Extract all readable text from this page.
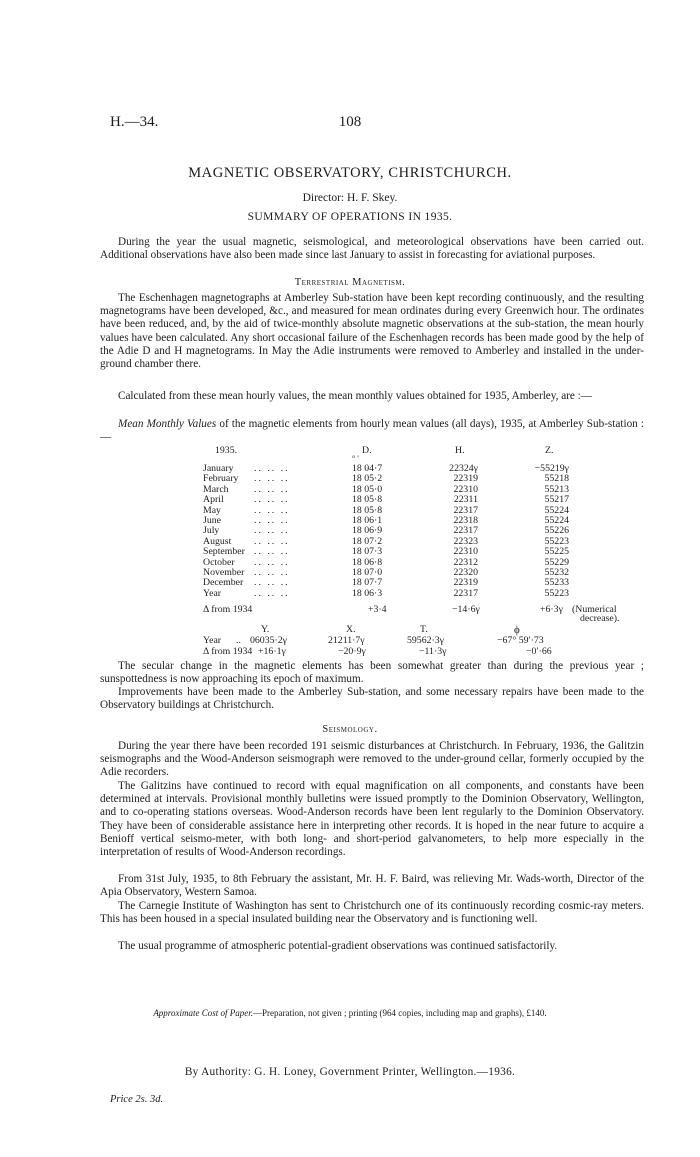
H.—34.	108
MAGNETIC OBSERVATORY, CHRISTCHURCH.
Director: H. F. Skey.
SUMMARY OF OPERATIONS IN 1935.

During the year the usual magnetic, seismological, and meteorological observations have been carried out. Additional observations have also been made since last January to assist in forecasting for aviational purposes.

Terrestrial Magnetism.

The Eschenhagen magnetographs at Amberley Sub-station have been kept recording continuously, and the resulting magnetograms have been developed, &c., and measured for mean ordinates during every Greenwich hour. The ordinates have been reduced, and, by the aid of twice-monthly absolute magnetic observations at the sub-station, the mean hourly values have been calculated. Any short occasional failure of the Eschenhagen records has been made good by the help of the Adie D and H magnetograms. In May the Adie instruments were removed to Amberley and installed in the under-ground chamber there.

Calculated from these mean hourly values, the mean monthly values obtained for 1935, Amberley, are :—

Mean Monthly Values of the magnetic elements from hourly mean values (all days), 1935, at Amberley Sub-station :—

1935.	D.	H.	Z.
° '
January .. .. ..	18 04·7	22324γ	−55219γ
February .. .. ..	18 05·2	22319	55218
March	.. .. ..	18 05·0	22310	55213
April	.. .. ..	18 05·8	22311	55217
May	.. .. ..	18 05·8	22317	55224
June	.. .. ..	18 06·1	22318	55224
July	.. .. ..	18 06·9	22317	55226
August .. .. ..	18 07·2	22323	55223
September .. .. ..	18 07·3	22310	55225
October .. .. ..	18 06·8	22312	55229
November .. .. ..	18 07·0	22320	55232
December .. .. ..	18 07·7	22319	55233
Year	.. .. ..	18 06·3	22317	55223
Δ from 1934	+3·4	−14·6γ	+6·3γ (Numerical
decrease).
Y.	X.	T.	ϕ
Year .. 06035·2γ	21211·7γ	59562·3γ	−67° 59′·73
Δ from 1934 +16·1γ	−20·9γ	−11·3γ	−0′·66

The secular change in the magnetic elements has been somewhat greater than during the previous year ; sunspottedness is now approaching its epoch of maximum.

Improvements have been made to the Amberley Sub-station, and some necessary repairs have been made to the Observatory buildings at Christchurch.

Seismology.

During the year there have been recorded 191 seismic disturbances at Christchurch. In February, 1936, the Galitzin seismographs and the Wood-Anderson seismograph were removed to the under-ground cellar, formerly occupied by the Adie recorders.

The Galitzins have continued to record with equal magnification on all components, and constants have been determined at intervals. Provisional monthly bulletins were issued promptly to the Dominion Observatory, Wellington, and to co-operating stations overseas. Wood-Anderson records have been lent regularly to the Dominion Observatory. They have been of considerable assistance here in interpreting other records. It is hoped in the near future to acquire a Benioff vertical seismo-meter, with both long- and short-period galvanometers, to help more especially in the interpretation of results of Wood-Anderson recordings.

From 31st July, 1935, to 8th February the assistant, Mr. H. F. Baird, was relieving Mr. Wads-worth, Director of the Apia Observatory, Western Samoa.

The Carnegie Institute of Washington has sent to Christchurch one of its continuously recording cosmic-ray meters. This has been housed in a special insulated building near the Observatory and is functioning well.

The usual programme of atmospheric potential-gradient observations was continued satisfactorily.

Approximate Cost of Paper.—Preparation, not given ; printing (964 copies, including map and graphs), £140.
By Authority: G. H. Loney, Government Printer, Wellington.—1936.
Price 2s. 3d.
